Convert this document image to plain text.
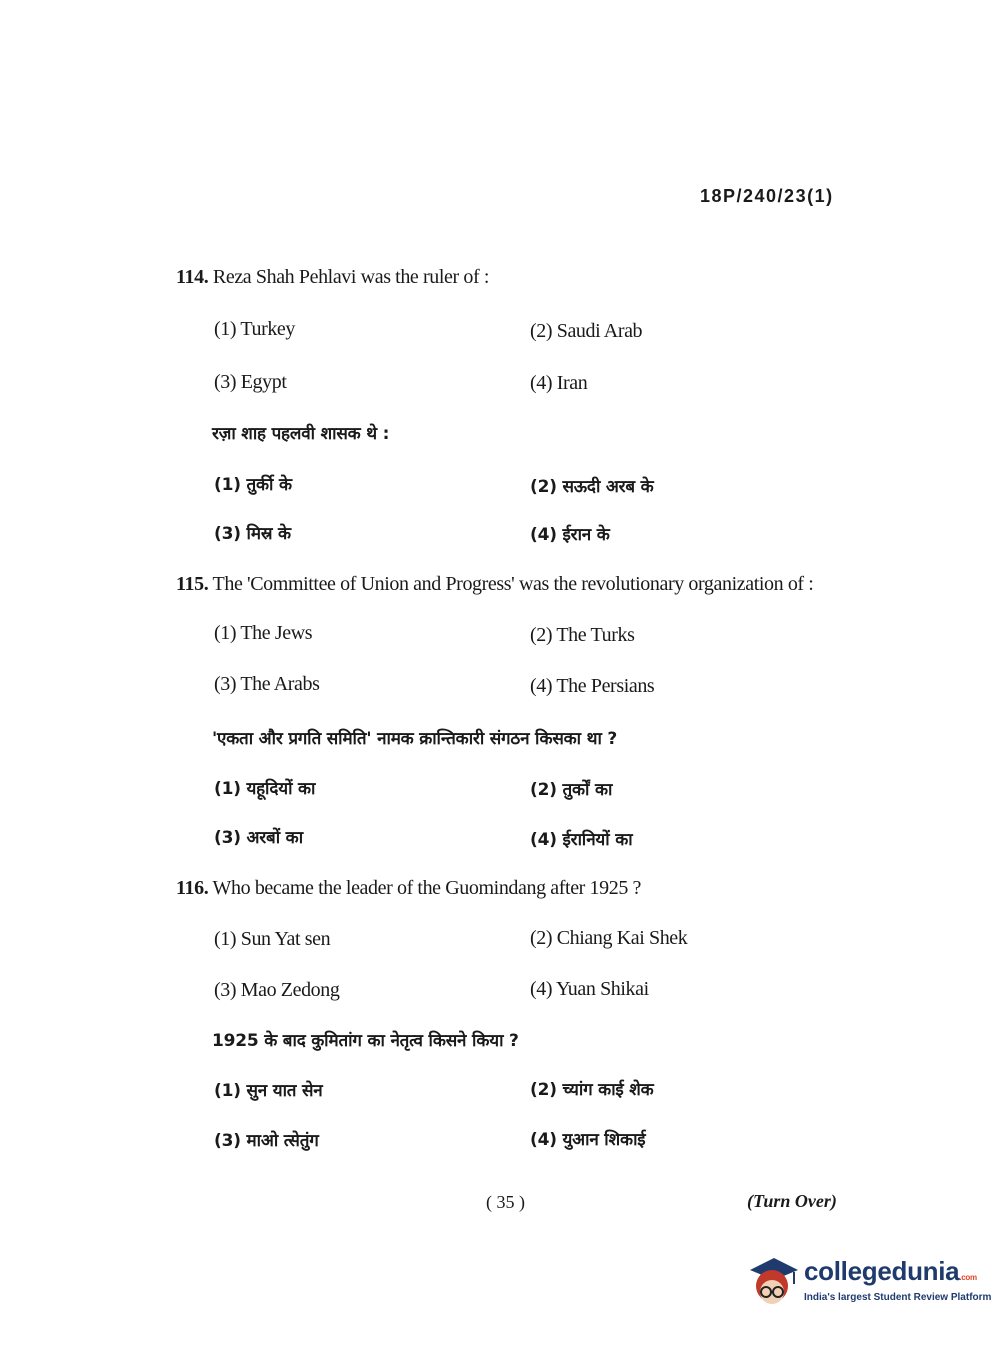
18P/240/23(1)
114. Reza Shah Pehlavi was the ruler of :
(1) Turkey	(2) Saudi Arab
(3) Egypt	(4) Iran
रज़ा शाह पहलवी शासक थे :
(1) तुर्की के	(2) सऊदी अरब के
(3) मिस्र के	(4) ईरान के
115. The 'Committee of Union and Progress' was the revolutionary organization of :
(1) The Jews	(2) The Turks
(3) The Arabs	(4) The Persians
'एकता और प्रगति समिति' नामक क्रान्तिकारी संगठन किसका था ?
(1) यहूदियों का	(2) तुर्कों का
(3) अरबों का	(4) ईरानियों का
116. Who became the leader of the Guomindang after 1925 ?
(1) Sun Yat sen	(2) Chiang Kai Shek
(3) Mao Zedong	(4) Yuan Shikai
1925 के बाद कुमितांग का नेतृत्व किसने किया ?
(1) सुन यात सेन	(2) च्यांग काई शेक
(3) माओ त्सेतुंग	(4) युआन शिकाई
( 35 )	(Turn Over)
collegedunia.com
India's largest Student Review Platform
